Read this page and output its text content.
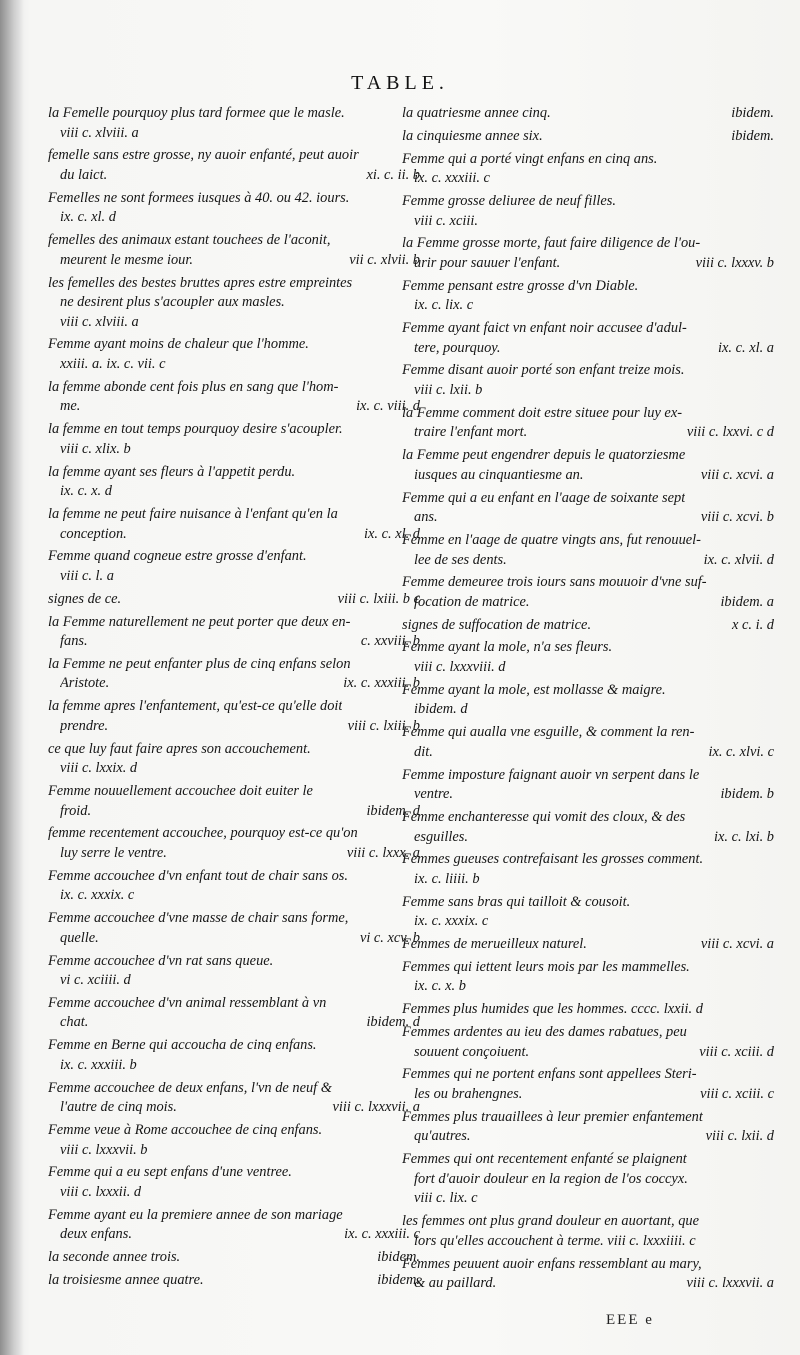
TABLE.
la Femelle pourquoy plus tard formee que le masle.
viii c. xlviii. a
femelle sans estre grosse, ny auoir enfanté, peut auoir
du laict.	xi. c. ii. b
Femelles ne sont formees iusques à 40. ou 42. iours.
ix. c. xl. d
femelles des animaux estant touchees de l'aconit,
meurent le mesme iour.	vii c. xlvii. b
les femelles des bestes bruttes apres estre empreintes
ne desirent plus s'acoupler aux masles.
viii c. xlviii. a
Femme ayant moins de chaleur que l'homme.
xxiii. a. ix. c. vii. c
la femme abonde cent fois plus en sang que l'hom-
me.	ix. c. viii. d
la femme en tout temps pourquoy desire s'acoupler.
viii c. xlix. b
la femme ayant ses fleurs à l'appetit perdu.
ix. c. x. d
la femme ne peut faire nuisance à l'enfant qu'en la
conception.	ix. c. xl. d
Femme quand cogneue estre grosse d'enfant.
viii c. l. a
signes de ce.	viii c. lxiii. b c
la Femme naturellement ne peut porter que deux en-
fans.	c. xxviii. b
la Femme ne peut enfanter plus de cinq enfans selon
Aristote.	ix. c. xxxiii. b
la femme apres l'enfantement, qu'est-ce qu'elle doit
prendre.	viii c. lxiii. b
ce que luy faut faire apres son accouchement.
viii c. lxxix. d
Femme nouuellement accouchee doit euiter le
froid.	ibidem. d
femme recentement accouchee, pourquoy est-ce qu'on
luy serre le ventre.	viii c. lxxx. a
Femme accouchee d'vn enfant tout de chair sans os.
ix. c. xxxix. c
Femme accouchee d'vne masse de chair sans forme,
quelle.	vi c. xcv. b
Femme accouchee d'vn rat sans queue.
vi c. xciiii. d
Femme accouchee d'vn animal ressemblant à vn
chat.	ibidem. d
Femme en Berne qui accoucha de cinq enfans.
ix. c. xxxiii. b
Femme accouchee de deux enfans, l'vn de neuf &
l'autre de cinq mois.	viii c. lxxxvii. a
Femme veue à Rome accouchee de cinq enfans.
viii c. lxxxvii. b
Femme qui a eu sept enfans d'une ventree.
viii c. lxxxii. d
Femme ayant eu la premiere annee de son mariage
deux enfans.	ix. c. xxxiii. c
la seconde annee trois.	ibidem.
la troisiesme annee quatre.	ibidem.
la quatriesme annee cinq.	ibidem.
la cinquiesme annee six.	ibidem.
Femme qui a porté vingt enfans en cinq ans.
ix. c. xxxiii. c
Femme grosse deliuree de neuf filles.
viii c. xciii.
la Femme grosse morte, faut faire diligence de l'ou-
urir pour sauuer l'enfant.	viii c. lxxxv. b
Femme pensant estre grosse d'vn Diable.
ix. c. lix. c
Femme ayant faict vn enfant noir accusee d'adul-
tere, pourquoy.	ix. c. xl. a
Femme disant auoir porté son enfant treize mois.
viii c. lxii. b
la Femme comment doit estre situee pour luy ex-
traire l'enfant mort.	viii c. lxxvi. c d
la Femme peut engendrer depuis le quatorziesme
iusques au cinquantiesme an.	viii c. xcvi. a
Femme qui a eu enfant en l'aage de soixante sept
ans.	viii c. xcvi. b
Femme en l'aage de quatre vingts ans, fut renouuel-
lee de ses dents.	ix. c. xlvii. d
Femme demeuree trois iours sans mouuoir d'vne suf-
focation de matrice.	ibidem. a
signes de suffocation de matrice.	x c. i. d
Femme ayant la mole, n'a ses fleurs.
viii c. lxxxviii. d
Femme ayant la mole, est mollasse & maigre.
ibidem. d
Femme qui aualla vne esguille, & comment la ren-
dit.	ix. c. xlvi. c
Femme imposture faignant auoir vn serpent dans le
ventre.	ibidem. b
Femme enchanteresse qui vomit des cloux, & des
esguilles.	ix. c. lxi. b
Femmes gueuses contrefaisant les grosses comment.
ix. c. liiii. b
Femme sans bras qui tailloit & cousoit.
ix. c. xxxix. c
Femmes de merueilleux naturel.	viii c. xcvi. a
Femmes qui iettent leurs mois par les mammelles.
ix. c. x. b
Femmes plus humides que les hommes. cccc. lxxii. d
Femmes ardentes au ieu des dames rabatues, peu
souuent conçoiuent.	viii c. xciii. d
Femmes qui ne portent enfans sont appellees Steri-
les ou brahengnes.	viii c. xciii. c
Femmes plus trauaillees à leur premier enfantement
qu'autres.	viii c. lxii. d
Femmes qui ont recentement enfanté se plaignent
fort d'auoir douleur en la region de l'os coccyx.
viii c. lix. c
les femmes ont plus grand douleur en auortant, que
lors qu'elles accouchent à terme. viii c. lxxxiiii. c
Femmes peuuent auoir enfans ressemblant au mary,
& au paillard.	viii c. lxxxvii. a
EEE e
